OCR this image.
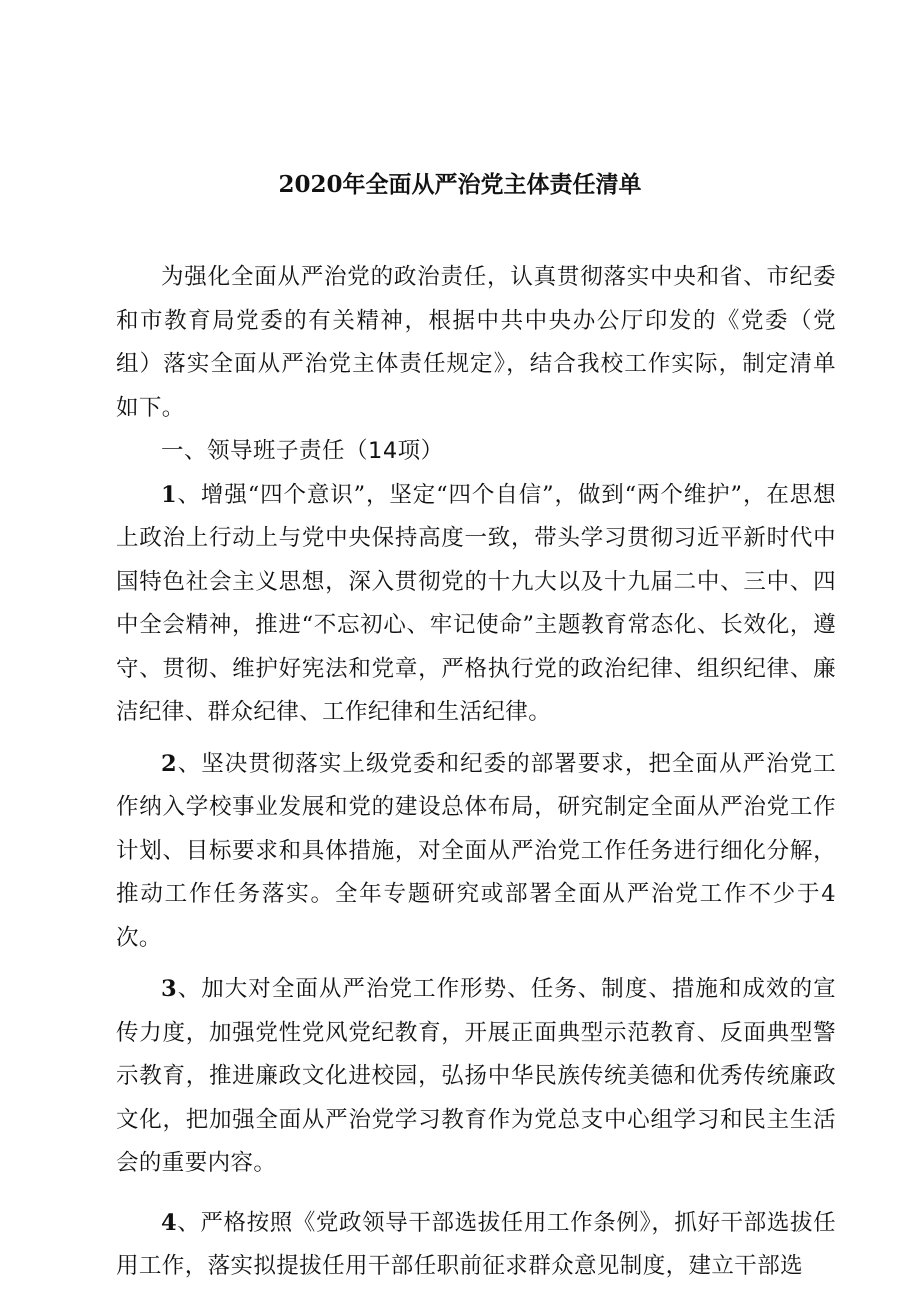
2020年全面从严治党主体责任清单

为强化全面从严治党的政治责任，认真贯彻落实中央和省、市纪委和市教育局党委的有关精神，根据中共中央办公厅印发的《党委（党组）落实全面从严治党主体责任规定》，结合我校工作实际，制定清单如下。

一、领导班子责任（14项）

1、增强“四个意识”，坚定“四个自信”，做到“两个维护”，在思想上政治上行动上与党中央保持高度一致，带头学习贯彻习近平新时代中国特色社会主义思想，深入贯彻党的十九大以及十九届二中、三中、四中全会精神，推进“不忘初心、牢记使命”主题教育常态化、长效化，遵守、贯彻、维护好宪法和党章，严格执行党的政治纪律、组织纪律、廉洁纪律、群众纪律、工作纪律和生活纪律。

2、坚决贯彻落实上级党委和纪委的部署要求，把全面从严治党工作纳入学校事业发展和党的建设总体布局，研究制定全面从严治党工作计划、目标要求和具体措施，对全面从严治党工作任务进行细化分解，推动工作任务落实。全年专题研究或部署全面从严治党工作不少于4次。

3、加大对全面从严治党工作形势、任务、制度、措施和成效的宣传力度，加强党性党风党纪教育，开展正面典型示范教育、反面典型警示教育，推进廉政文化进校园，弘扬中华民族传统美德和优秀传统廉政文化，把加强全面从严治党学习教育作为党总支中心组学习和民主生活会的重要内容。

4、严格按照《党政领导干部选拔任用工作条例》，抓好干部选拔任用工作，落实拟提拔任用干部任职前征求群众意见制度，建立干部选
